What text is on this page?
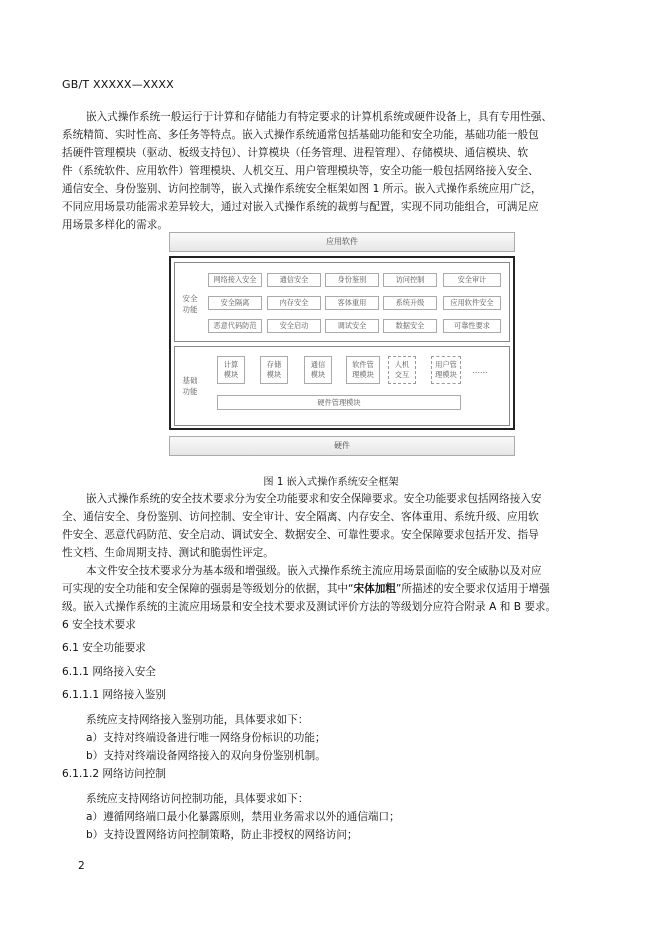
GB/T XXXXX—XXXX
嵌入式操作系统一般运行于计算和存储能力有特定要求的计算机系统或硬件设备上，具有专用性强、
系统精简、实时性高、多任务等特点。嵌入式操作系统通常包括基础功能和安全功能，基础功能一般包
括硬件管理模块（驱动、板级支持包）、计算模块（任务管理、进程管理）、存储模块、通信模块、软
件（系统软件、应用软件）管理模块、人机交互、用户管理模块等，安全功能一般包括网络接入安全、
通信安全、身份鉴别、访问控制等，嵌入式操作系统安全框架如图 1 所示。嵌入式操作系统应用广泛，
不同应用场景功能需求差异较大，通过对嵌入式操作系统的裁剪与配置，实现不同功能组合，可满足应
用场景多样化的需求。
应用软件
安全
功能
网络接入安全	通信安全	身份鉴别	访问控制	安全审计
安全隔离	内存安全	客体重用	系统升级	应用软件安全
恶意代码防范	安全启动	调试安全	数据安全	可靠性要求
基础
功能
计算
模块
存储
模块
通信
模块
软件管
理模块
人机
交互
用户管
理模块	……
硬件管理模块
硬件
图 1 嵌入式操作系统安全框架
嵌入式操作系统的安全技术要求分为安全功能要求和安全保障要求。安全功能要求包括网络接入安
全、通信安全、身份鉴别、访问控制、安全审计、安全隔离、内存安全、客体重用、系统升级、应用软
件安全、恶意代码防范、安全启动、调试安全、数据安全、可靠性要求。安全保障要求包括开发、指导
性文档、生命周期支持、测试和脆弱性评定。
本文件安全技术要求分为基本级和增强级。嵌入式操作系统主流应用场景面临的安全威胁以及对应
可实现的安全功能和安全保障的强弱是等级划分的依据，其中“宋体加粗”所描述的安全要求仅适用于增强
级。嵌入式操作系统的主流应用场景和安全技术要求及测试评价方法的等级划分应符合附录 A 和 B 要求。
6 安全技术要求
6.1 安全功能要求
6.1.1 网络接入安全
6.1.1.1 网络接入鉴别
系统应支持网络接入鉴别功能，具体要求如下：
a）支持对终端设备进行唯一网络身份标识的功能；
b）支持对终端设备网络接入的双向身份鉴别机制。
6.1.1.2 网络访问控制
系统应支持网络访问控制功能，具体要求如下：
a）遵循网络端口最小化暴露原则，禁用业务需求以外的通信端口；
b）支持设置网络访问控制策略，防止非授权的网络访问；
2
